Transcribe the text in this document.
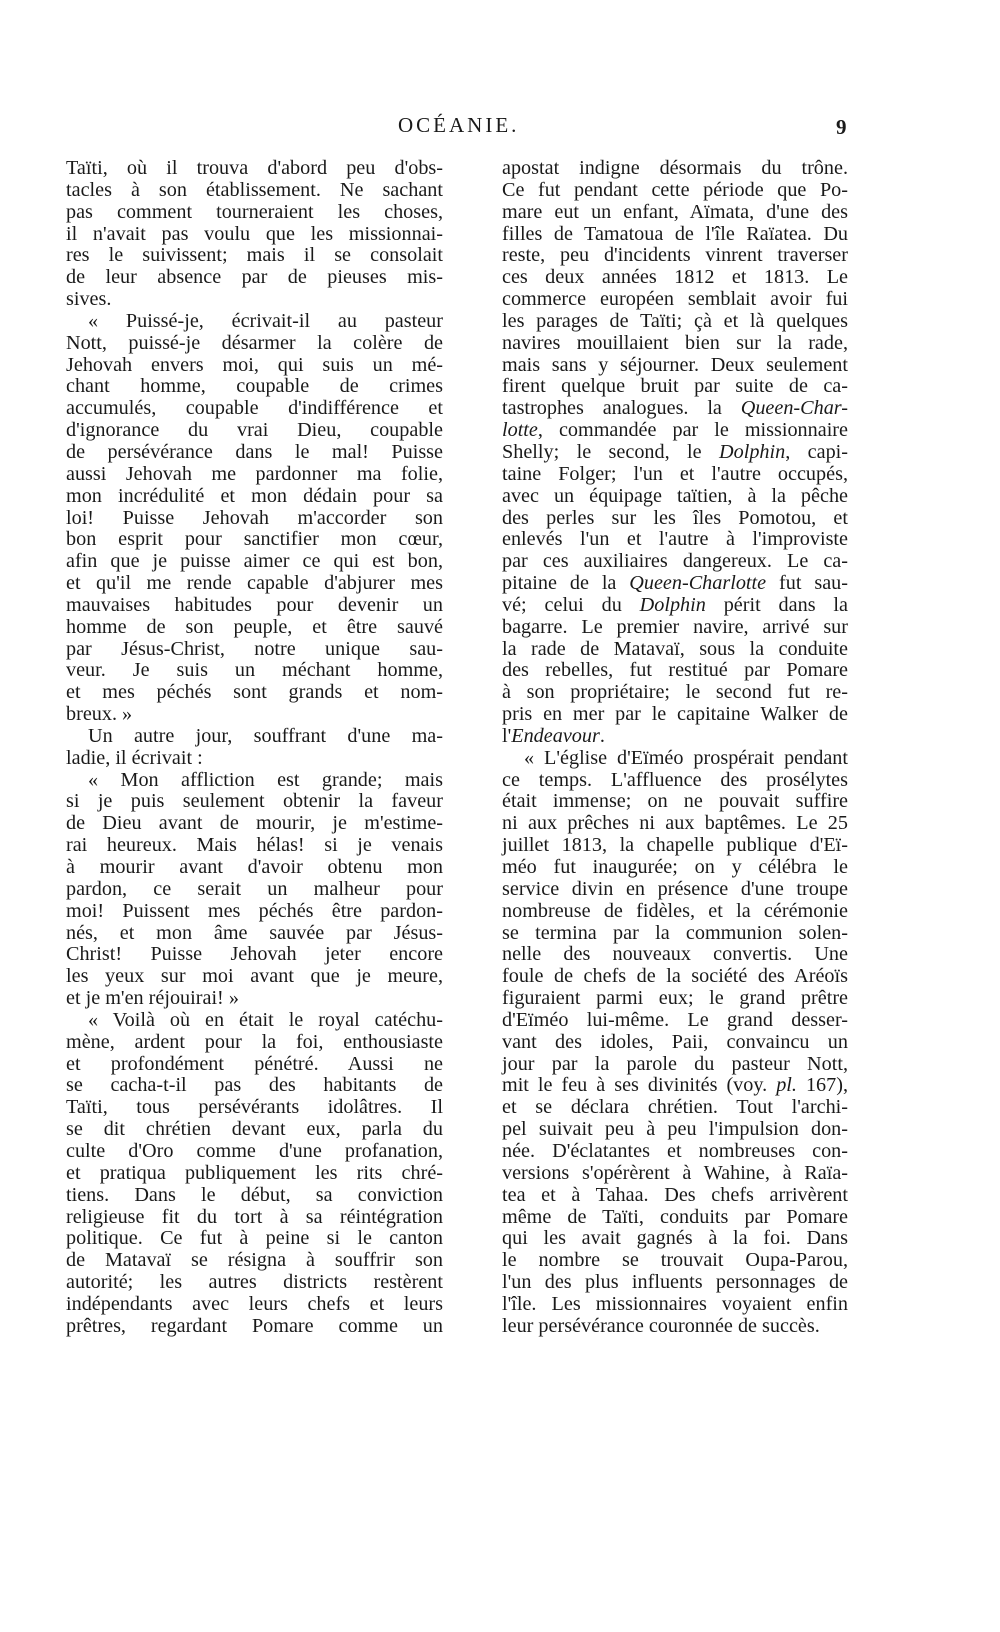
OCÉANIE.	9
Taïti, où il trouva d'abord peu d'obs-
tacles à son établissement. Ne sachant
pas comment tourneraient les choses,
il n'avait pas voulu que les missionnai-
res le suivissent; mais il se consolait
de leur absence par de pieuses mis-
sives.
« Puissé-je, écrivait-il au pasteur
Nott, puissé-je désarmer la colère de
Jehovah envers moi, qui suis un mé-
chant homme, coupable de crimes
accumulés, coupable d'indifférence et
d'ignorance du vrai Dieu, coupable
de persévérance dans le mal! Puisse
aussi Jehovah me pardonner ma folie,
mon incrédulité et mon dédain pour sa
loi! Puisse Jehovah m'accorder son
bon esprit pour sanctifier mon cœur,
afin que je puisse aimer ce qui est bon,
et qu'il me rende capable d'abjurer mes
mauvaises habitudes pour devenir un
homme de son peuple, et être sauvé
par Jésus-Christ, notre unique sau-
veur. Je suis un méchant homme,
et mes péchés sont grands et nom-
breux. »
Un autre jour, souffrant d'une ma-
ladie, il écrivait :
« Mon affliction est grande; mais
si je puis seulement obtenir la faveur
de Dieu avant de mourir, je m'estime-
rai heureux. Mais hélas! si je venais
à mourir avant d'avoir obtenu mon
pardon, ce serait un malheur pour
moi! Puissent mes péchés être pardon-
nés, et mon âme sauvée par Jésus-
Christ! Puisse Jehovah jeter encore
les yeux sur moi avant que je meure,
et je m'en réjouirai! »
« Voilà où en était le royal catéchu-
mène, ardent pour la foi, enthousiaste
et profondément pénétré. Aussi ne
se cacha-t-il pas des habitants de
Taïti, tous persévérants idolâtres. Il
se dit chrétien devant eux, parla du
culte d'Oro comme d'une profanation,
et pratiqua publiquement les rits chré-
tiens. Dans le début, sa conviction
religieuse fit du tort à sa réintégration
politique. Ce fut à peine si le canton
de Matavaï se résigna à souffrir son
autorité; les autres districts restèrent
indépendants avec leurs chefs et leurs
prêtres, regardant Pomare comme un
apostat indigne désormais du trône.
Ce fut pendant cette période que Po-
mare eut un enfant, Aïmata, d'une des
filles de Tamatoua de l'île Raïatea. Du
reste, peu d'incidents vinrent traverser
ces deux années 1812 et 1813. Le
commerce européen semblait avoir fui
les parages de Taïti; çà et là quelques
navires mouillaient bien sur la rade,
mais sans y séjourner. Deux seulement
firent quelque bruit par suite de ca-
tastrophes analogues. la Queen-Char-
lotte, commandée par le missionnaire
Shelly; le second, le Dolphin, capi-
taine Folger; l'un et l'autre occupés,
avec un équipage taïtien, à la pêche
des perles sur les îles Pomotou, et
enlevés l'un et l'autre à l'improviste
par ces auxiliaires dangereux. Le ca-
pitaine de la Queen-Charlotte fut sau-
vé; celui du Dolphin périt dans la
bagarre. Le premier navire, arrivé sur
la rade de Matavaï, sous la conduite
des rebelles, fut restitué par Pomare
à son propriétaire; le second fut re-
pris en mer par le capitaine Walker de
l'Endeavour.
« L'église d'Eïméo prospérait pendant
ce temps. L'affluence des prosélytes
était immense; on ne pouvait suffire
ni aux prêches ni aux baptêmes. Le 25
juillet 1813, la chapelle publique d'Eï-
méo fut inaugurée; on y célébra le
service divin en présence d'une troupe
nombreuse de fidèles, et la cérémonie
se termina par la communion solen-
nelle des nouveaux convertis. Une
foule de chefs de la société des Aréoïs
figuraient parmi eux; le grand prêtre
d'Eïméo lui-même. Le grand desser-
vant des idoles, Paii, convaincu un
jour par la parole du pasteur Nott,
mit le feu à ses divinités (voy. pl. 167),
et se déclara chrétien. Tout l'archi-
pel suivait peu à peu l'impulsion don-
née. D'éclatantes et nombreuses con-
versions s'opérèrent à Wahine, à Raïa-
tea et à Tahaa. Des chefs arrivèrent
même de Taïti, conduits par Pomare
qui les avait gagnés à la foi. Dans
le nombre se trouvait Oupa-Parou,
l'un des plus influents personnages de
l'île. Les missionnaires voyaient enfin
leur persévérance couronnée de succès.
